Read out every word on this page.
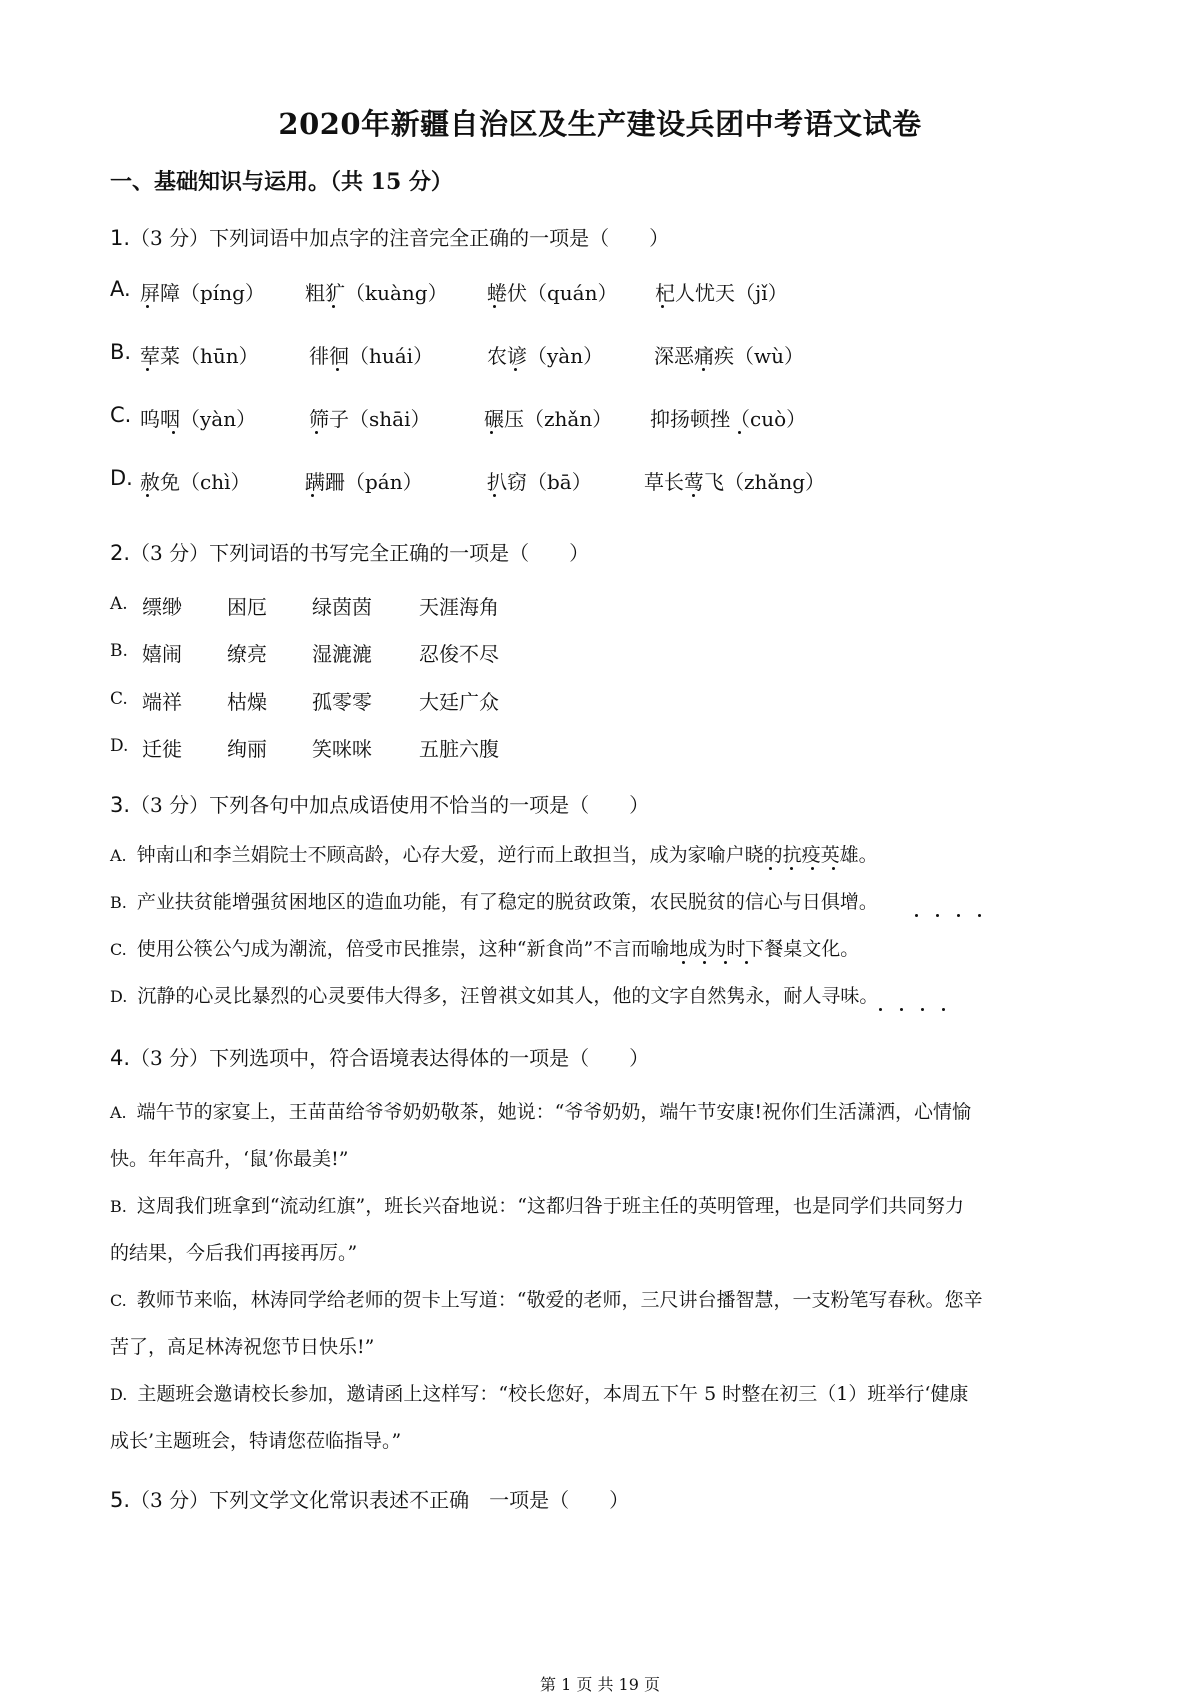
2020年新疆自治区及生产建设兵团中考语文试卷
一、基础知识与运用。（共 15 分）
1.（3 分）下列词语中加点字的注音完全正确的一项是（　　）
A. 屏障（píng） 粗犷（kuàng） 蜷伏（quán） 杞人忧天（jǐ）
B. 荤菜（hūn）	徘徊（huái）	农谚（yàn）	深恶痛疾（wù）
C. 呜咽（yàn）	筛子（shāi）	碾压（zhǎn） 抑扬顿挫（cuò）
D. 赦免（chì）	蹒跚（pán）	扒窃（bā）	草长莺飞（zhǎng）
2.（3 分）下列词语的书写完全正确的一项是（　　）
A. 缥缈 困厄 绿茵茵 天涯海角
B. 嬉闹 缭亮 湿漉漉 忍俊不尽
C. 端祥 枯燥 孤零零 大廷广众
D. 迁徙 绚丽 笑咪咪 五脏六腹
3.（3 分）下列各句中加点成语使用不恰当的一项是（　　）
A. 钟南山和李兰娟院士不顾高龄，心存大爱，逆行而上敢担当，成为家喻户晓的抗疫英雄。
B. 产业扶贫能增强贫困地区的造血功能，有了稳定的脱贫政策，农民脱贫的信心与日俱增。
C. 使用公筷公勺成为潮流，倍受市民推崇，这种“新食尚”不言而喻地成为时下餐桌文化。
D. 沉静的心灵比暴烈的心灵要伟大得多，汪曾祺文如其人，他的文字自然隽永，耐人寻味。
4.（3 分）下列选项中，符合语境表达得体的一项是（　　）
A. 端午节的家宴上，王苗苗给爷爷奶奶敬茶，她说：“爷爷奶奶，端午节安康!祝你们生活潇洒，心情愉
快。年年高升，‘鼠’你最美!”
B. 这周我们班拿到“流动红旗”，班长兴奋地说：“这都归咎于班主任的英明管理，也是同学们共同努力
的结果，今后我们再接再厉。”
C. 教师节来临，林涛同学给老师的贺卡上写道：“敬爱的老师，三尺讲台播智慧，一支粉笔写春秋。您辛
苦了，高足林涛祝您节日快乐!”
D. 主题班会邀请校长参加，邀请函上这样写：“校长您好，本周五下午 5 时整在初三（1）班举行‘健康
成长’主题班会，特请您莅临指导。”
5.（3 分）下列文学文化常识表述不正确　一项是（　　）
第 1 页 共 19 页
